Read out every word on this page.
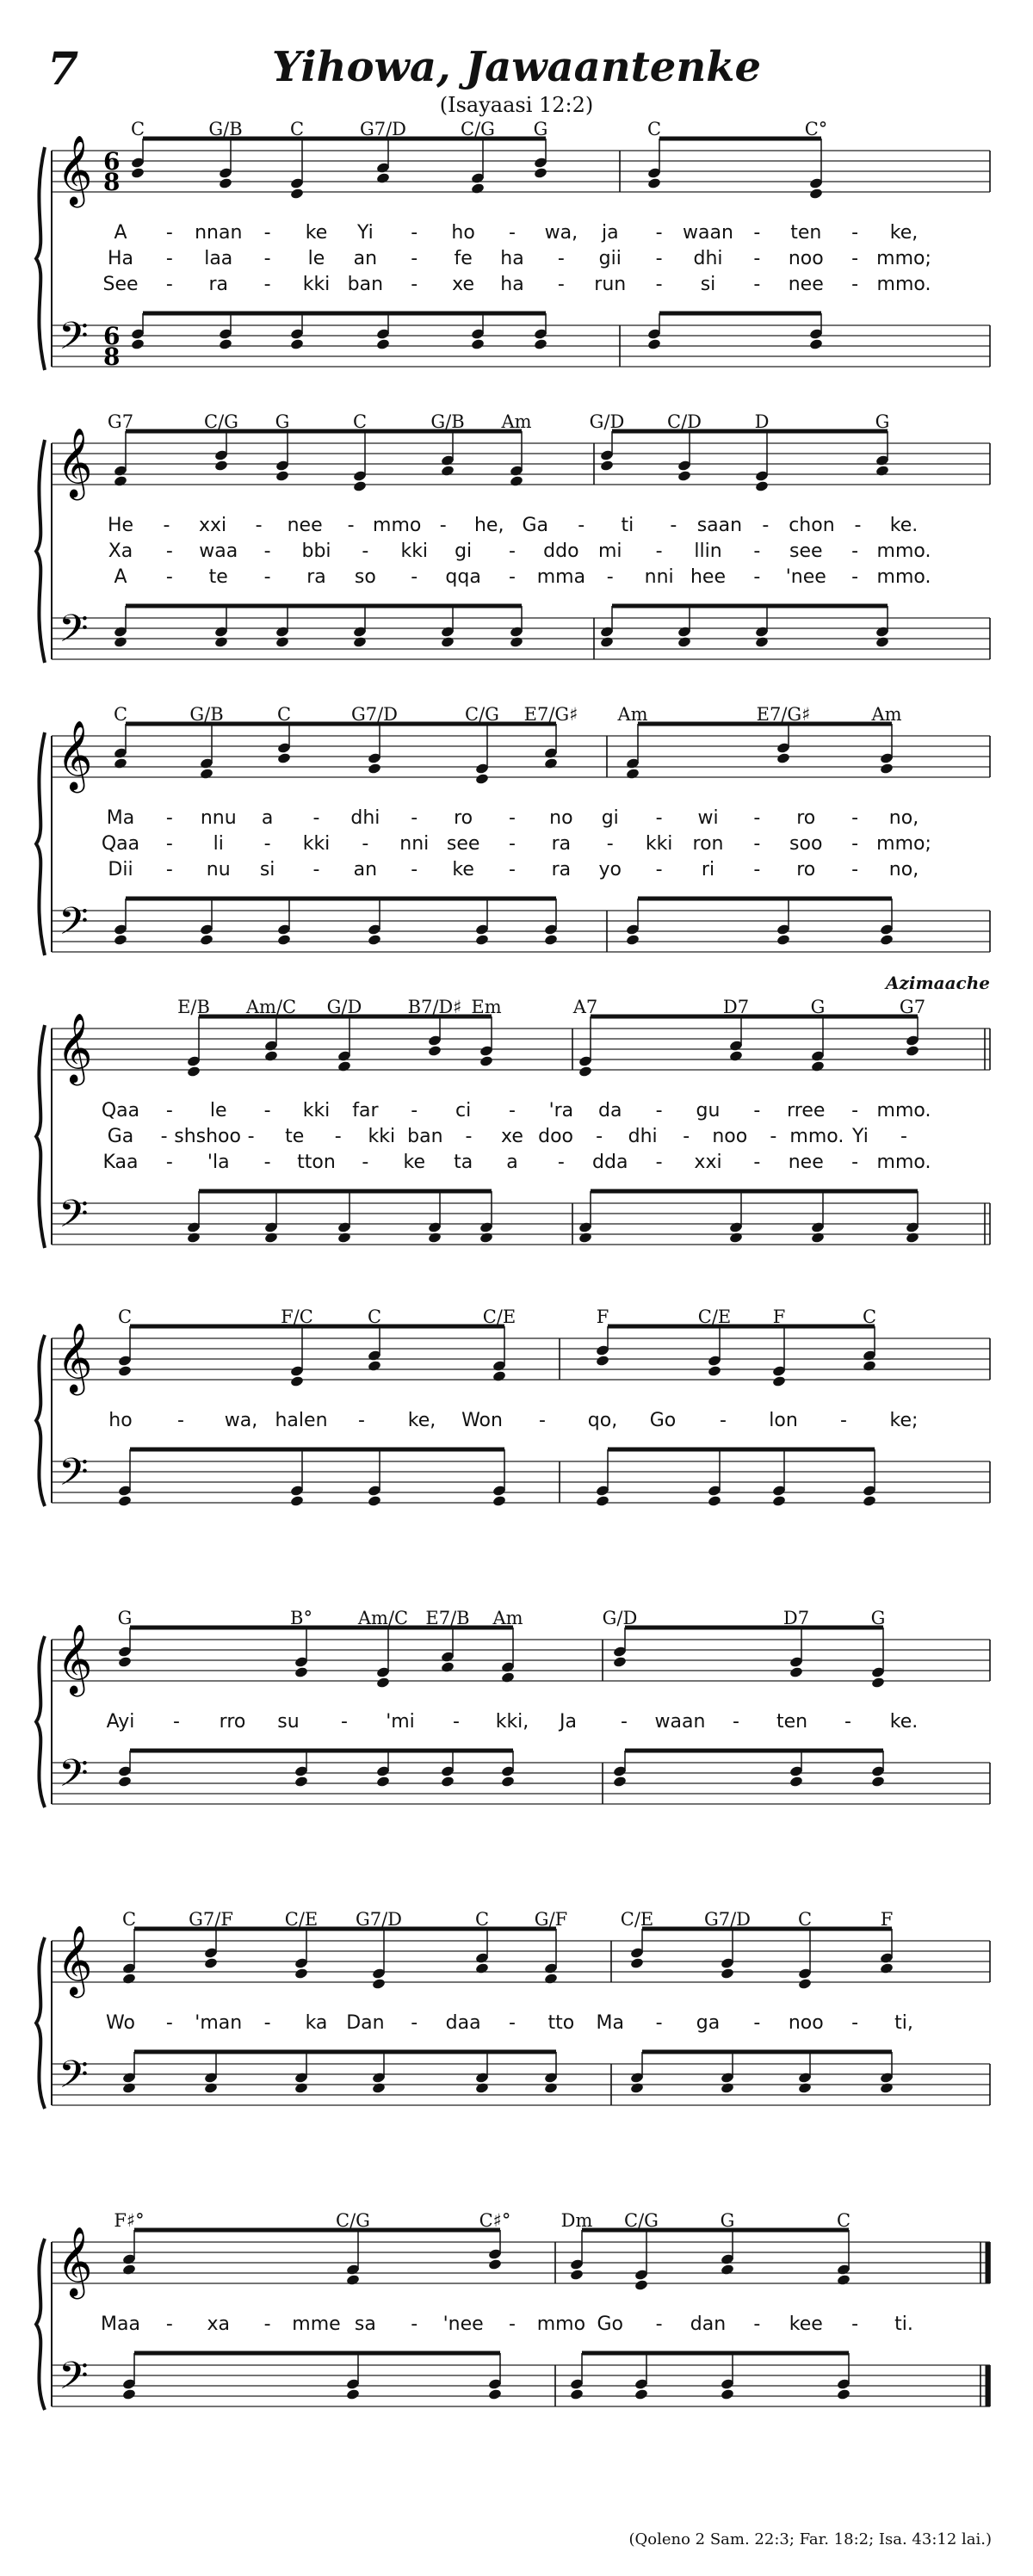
7	Yihowa, Jawaantenke
(Isayaasi 12:2)
𝄞
𝄢
6
8
6
8
C	G/B	C	G7/D	C/G G	C	C°
A - nnan - ke Yi - ho - wa, ja - waan - ten - ke,
Ha - laa - le an - fe ha - gii - dhi - noo - mmo;
See - ra - kki ban - xe ha - run - si - nee - mmo.
𝄞
𝄢
G7	C/G G	C	G/B Am	G/D C/D	D	G
He - xxi - nee - mmo - he, Ga - ti - saan - chon - ke.
Xa - waa - bbi - kki gi - ddo mi - llin - see - mmo.
A - te - ra so - qqa - mma - nni hee - 'nee - mmo.
𝄞
𝄢
C	G/B	C	G7/D	C/G E7/G♯ Am	E7/G♯	Am
Ma - nnu a - dhi - ro - no gi - wi - ro - no,
Qaa - li - kki - nni see - ra - kki ron - soo - mmo;
Dii - nu si - an - ke - ra yo - ri - ro - no,
𝄞
𝄢
E/B Am/C G/D	B7/D♯ Em	A7	D7	G	G7
Azimaache
Qaa - le - kki far - ci - 'ra da - gu - rree - mmo.
Ga - shshoo - te - kki ban - xe doo - dhi - noo - mmo. Yi -
Kaa - 'la - tton - ke ta a - dda - xxi - nee - mmo.
𝄞
𝄢
C	F/C	C	C/E	F	C/E F	C
ho - wa, halen - ke, Won - qo, Go - lon - ke;
𝄞
𝄢
G	B°	Am/C E7/B Am	G/D	D7	G
Ayi - rro su - 'mi - kki, Ja - waan - ten - ke.
𝄞
𝄢
C	G7/F	C/E G7/D	C	G/F	C/E	G7/D	C	F
Wo - 'man - ka Dan - daa - tto Ma - ga - noo - ti,
𝄞
𝄢
F♯°	C/G	C♯°	Dm C/G	G	C
Maa - xa - mme sa - 'nee - mmo Go - dan - kee - ti.
(Qoleno 2 Sam. 22:3; Far. 18:2; Isa. 43:12 lai.)
